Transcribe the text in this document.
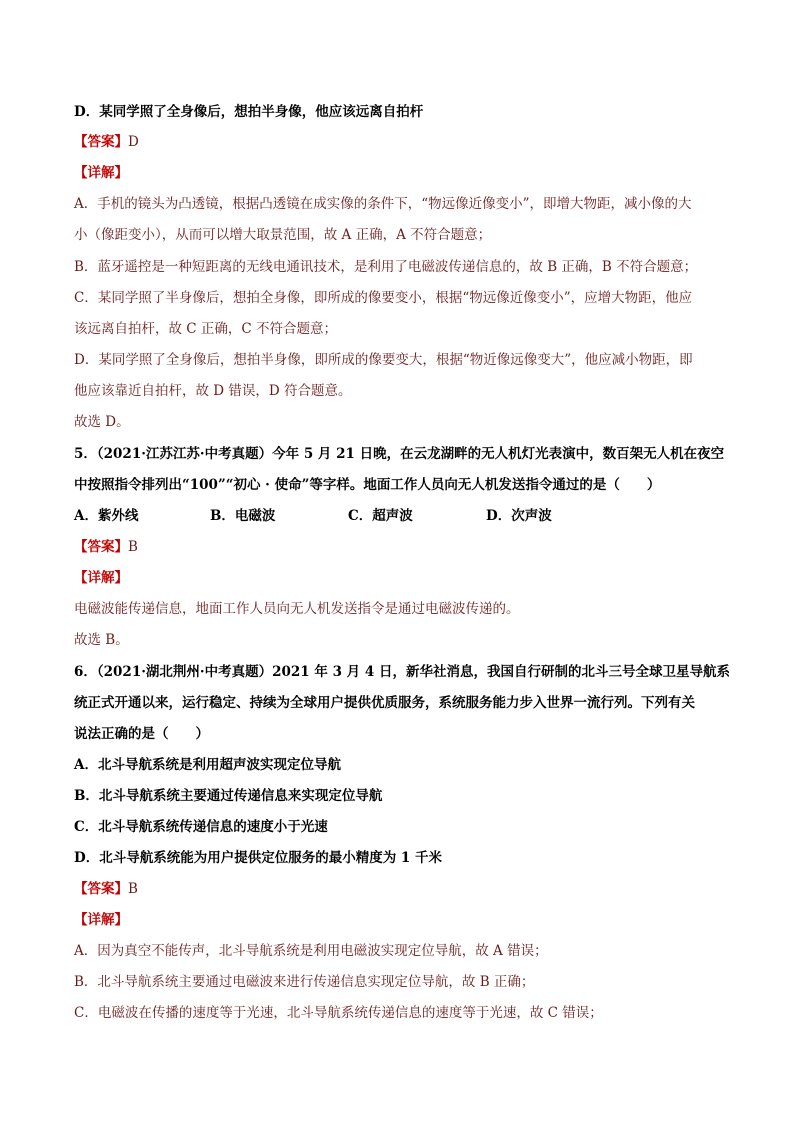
D．某同学照了全身像后，想拍半身像，他应该远离自拍杆
【答案】D
【详解】
A．手机的镜头为凸透镜，根据凸透镜在成实像的条件下，“物远像近像变小”，即增大物距，减小像的大
小（像距变小），从而可以增大取景范围，故 A 正确，A 不符合题意；
B．蓝牙遥控是一种短距离的无线电通讯技术，是利用了电磁波传递信息的，故 B 正确，B 不符合题意；
C．某同学照了半身像后，想拍全身像，即所成的像要变小，根据“物远像近像变小”，应增大物距，他应
该远离自拍杆，故 C 正确，C 不符合题意；
D．某同学照了全身像后，想拍半身像，即所成的像要变大，根据“物近像远像变大”，他应减小物距，即
他应该靠近自拍杆，故 D 错误，D 符合题意。
故选 D。
5．（2021·江苏江苏·中考真题）今年 5 月 21 日晚，在云龙湖畔的无人机灯光表演中，数百架无人机在夜空
中按照指令排列出“100”“初心 · 使命”等字样。地面工作人员向无人机发送指令通过的是（　　）
【答案】B
【详解】
电磁波能传递信息，地面工作人员向无人机发送指令是通过电磁波传递的。
故选 B。
6．（2021·湖北荆州·中考真题）2021 年 3 月 4 日，新华社消息，我国自行研制的北斗三号全球卫星导航系
统正式开通以来，运行稳定、持续为全球用户提供优质服务，系统服务能力步入世界一流行列。下列有关
说法正确的是（　　）
A．北斗导航系统是利用超声波实现定位导航
B．北斗导航系统主要通过传递信息来实现定位导航
C．北斗导航系统传递信息的速度小于光速
D．北斗导航系统能为用户提供定位服务的最小精度为 1 千米
【答案】B
【详解】
A．因为真空不能传声，北斗导航系统是利用电磁波实现定位导航，故 A 错误；
B．北斗导航系统主要通过电磁波来进行传递信息实现定位导航，故 B 正确；
C．电磁波在传播的速度等于光速，北斗导航系统传递信息的速度等于光速，故 C 错误；
A．紫外线	B．电磁波	C．超声波	D．次声波
